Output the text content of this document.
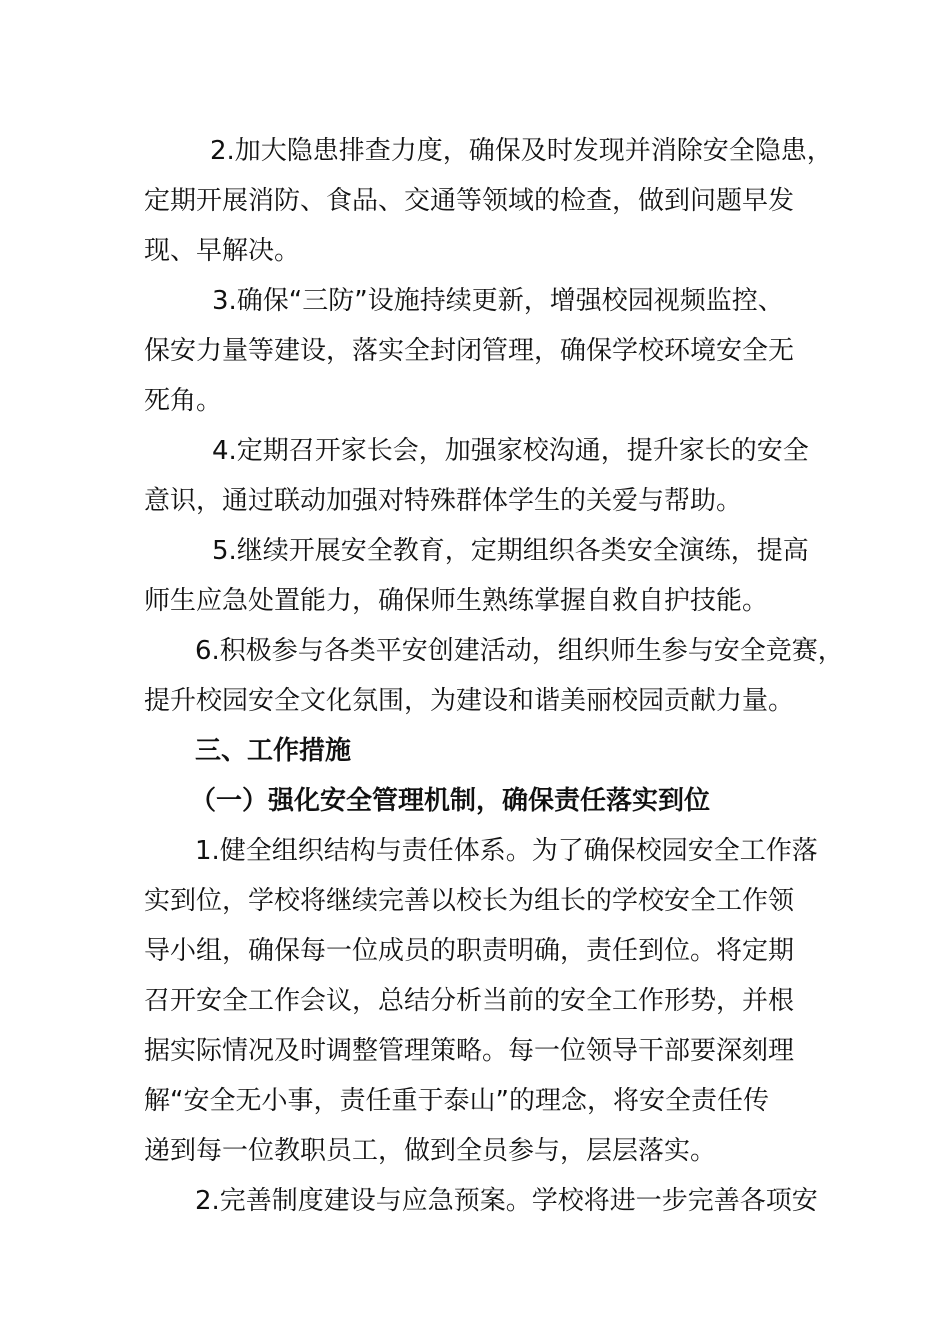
2.加大隐患排查力度，确保及时发现并消除安全隐患，
定期开展消防、食品、交通等领域的检查，做到问题早发
现、早解决。
3.确保“三防”设施持续更新，增强校园视频监控、
保安力量等建设，落实全封闭管理，确保学校环境安全无
死角。
4.定期召开家长会，加强家校沟通，提升家长的安全
意识，通过联动加强对特殊群体学生的关爱与帮助。
5.继续开展安全教育，定期组织各类安全演练，提高
师生应急处置能力，确保师生熟练掌握自救自护技能。
6.积极参与各类平安创建活动，组织师生参与安全竞赛，
提升校园安全文化氛围，为建设和谐美丽校园贡献力量。
三、工作措施
（一）强化安全管理机制，确保责任落实到位
1.健全组织结构与责任体系。为了确保校园安全工作落
实到位，学校将继续完善以校长为组长的学校安全工作领
导小组，确保每一位成员的职责明确，责任到位。将定期
召开安全工作会议，总结分析当前的安全工作形势，并根
据实际情况及时调整管理策略。每一位领导干部要深刻理
解“安全无小事，责任重于泰山”的理念，将安全责任传
递到每一位教职员工，做到全员参与，层层落实。
2.完善制度建设与应急预案。学校将进一步完善各项安
